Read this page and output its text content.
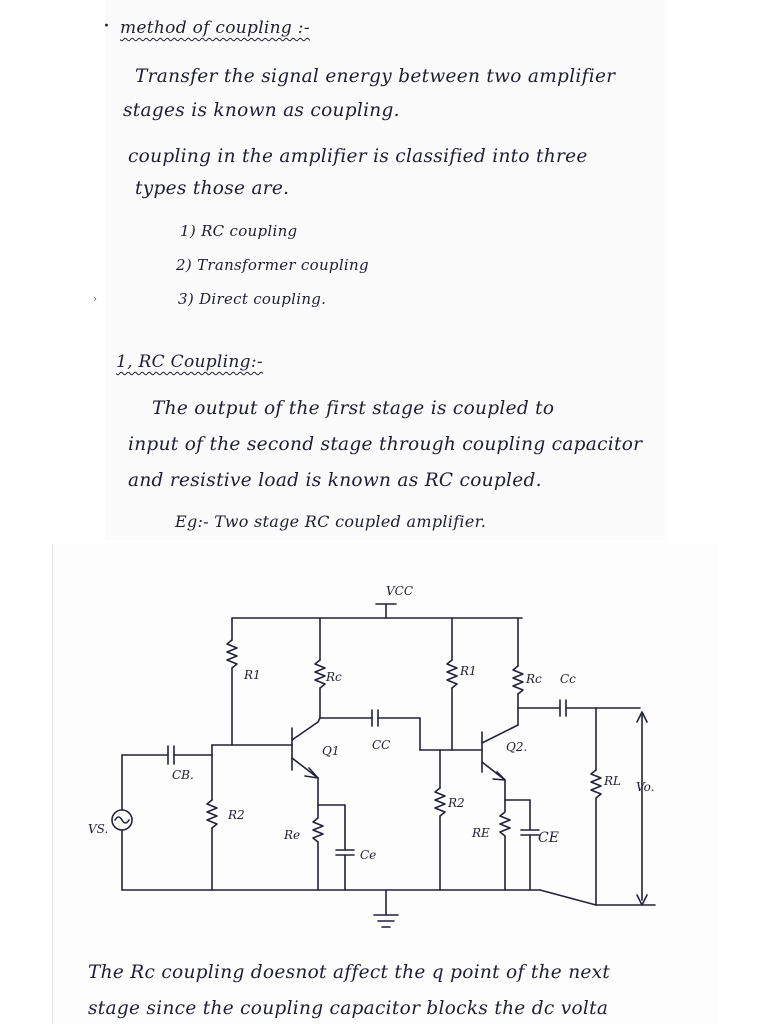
· method of coupling :-
Transfer the signal energy between two amplifier
stages is known as coupling.
coupling in the amplifier is classified into three
types those are.
1) RC coupling
2) Transformer coupling
3) Direct coupling.
›
1, RC Coupling:-
The output of the first stage is coupled to
input of the second stage through coupling capacitor
and resistive load is known as RC coupled.
Eg:- Two stage RC coupled amplifier.
VCC
R1	Rc
Q1	CC
CB.
R2
Re
Ce
VS.
R1
Rc Cc
Q2.
R2
RE	CE
RL Vo.
The Rc coupling doesnot affect the q point of the next
stage since the coupling capacitor blocks the dc volta
